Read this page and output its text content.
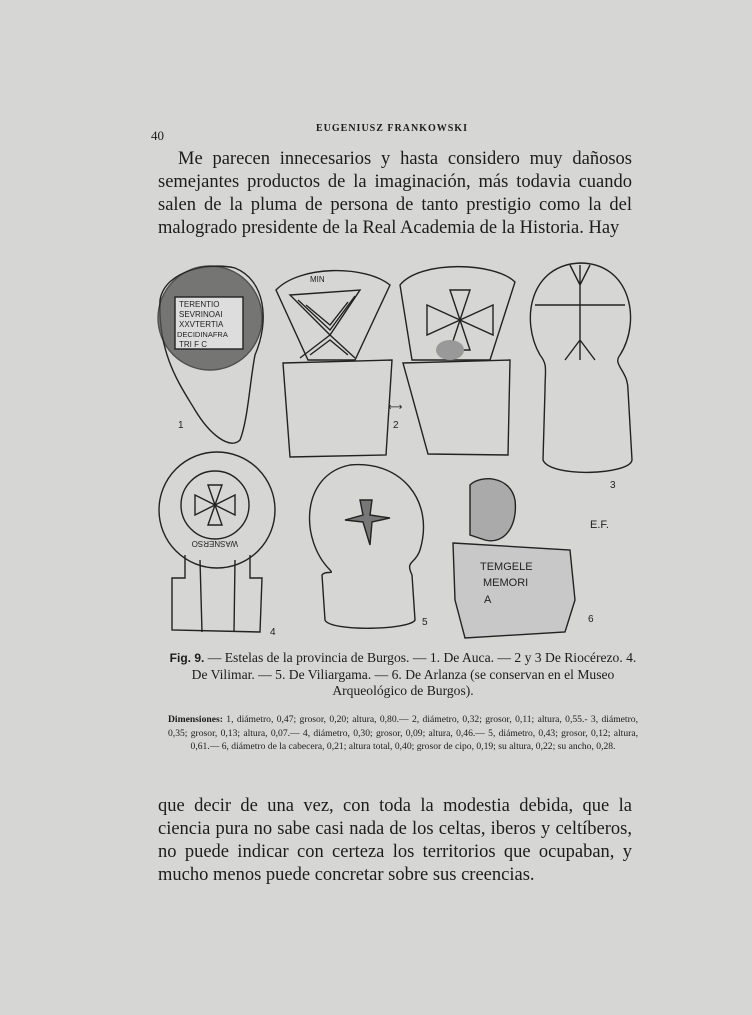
40	EUGENIUSZ FRANKOWSKI
Me parecen innecesarios y hasta considero muy dañosos semejantes productos de la imaginación, más todavia cuando salen de la pluma de persona de tanto prestigio como la del malogrado presidente de la Real Academia de la Historia. Hay
TERENTIO
SEVRINOAI
XXVTERTIA
DECIDINAFRA
TRI F C
1
MIN
2
⟷
3
WASNERSO
4
5
TEMGELE
MEMORI
A
6
E.F.
Fig. 9. — Estelas de la provincia de Burgos. — 1. De Auca. — 2 y 3 De Riocérezo. 4. De Vilimar. — 5. De Viliargama. — 6. De Arlanza (se conservan en el Museo Arqueológico de Burgos).
Dimensiones: 1, diámetro, 0,47; grosor, 0,20; altura, 0,80.— 2, diámetro, 0,32; grosor, 0,11; altura, 0,55.- 3, diámetro, 0,35; grosor, 0,13; altura, 0,07.— 4, diámetro, 0,30; grosor, 0,09; altura, 0,46.— 5, diámetro, 0,43; grosor, 0,12; altura, 0,61.— 6, diámetro de la cabecera, 0,21; altura total, 0,40; grosor de cipo, 0,19; su altura, 0,22; su ancho, 0,28.
que decir de una vez, con toda la modestia debida, que la ciencia pura no sabe casi nada de los celtas, iberos y celtíberos, no puede indicar con certeza los territorios que ocupaban, y mucho menos puede concretar sobre sus creencias.
